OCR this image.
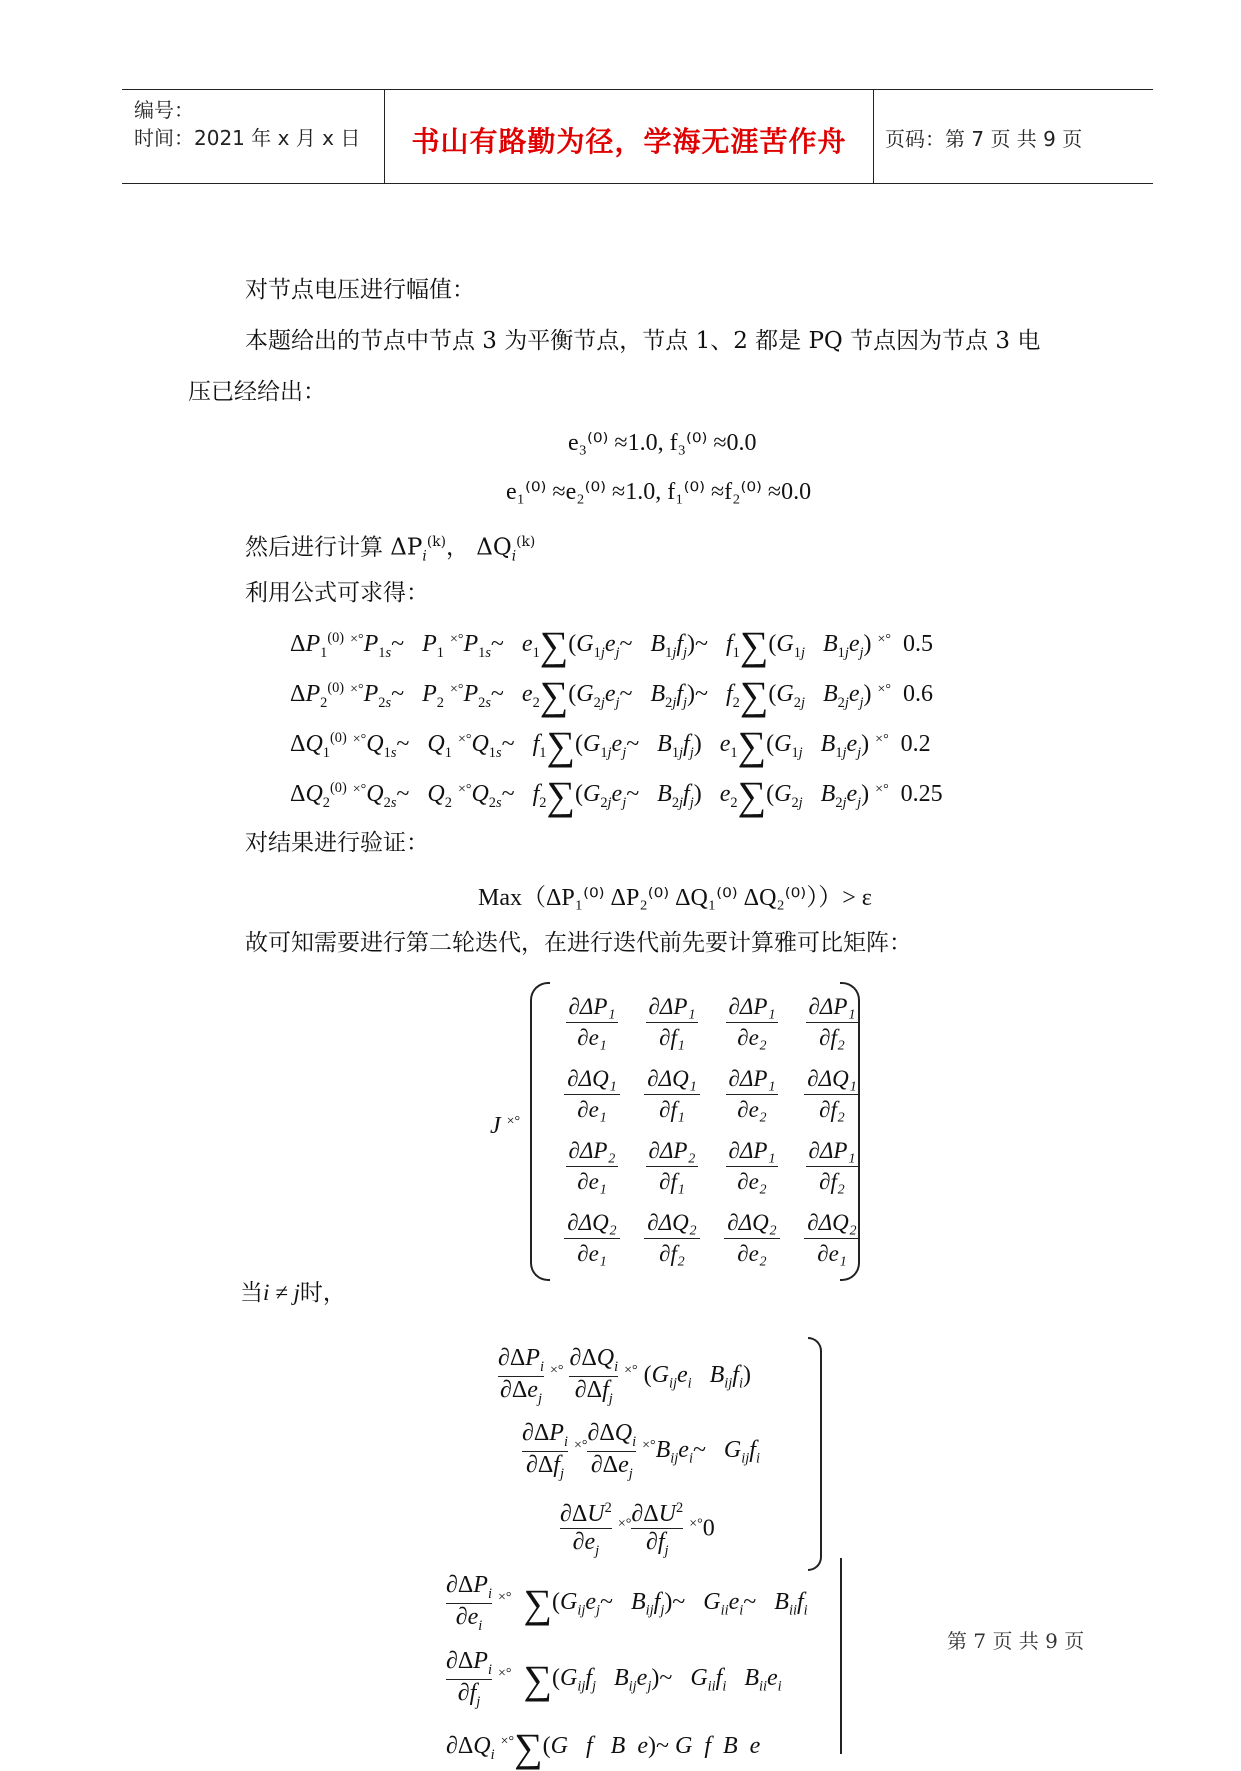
编号：
时间：2021 年 x 月 x 日	书山有路勤为径，学海无涯苦作舟	页码：第 7 页 共 9 页
对节点电压进行幅值：
本题给出的节点中节点 3 为平衡节点，节点 1、2 都是 PQ 节点因为节点 3 电
压已经给出：
e₃⁽⁰⁾ ≈1.0, f₃⁽⁰⁾ ≈0.0
e₁⁽⁰⁾ ≈e₂⁽⁰⁾ ≈1.0, f₁⁽⁰⁾ ≈f₂⁽⁰⁾ ≈0.0
然后进行计算 $\Delta P_i^{(k)}$， $\Delta Q_i^{(k)}$
利用公式可求得：
$\Delta P_1^{(0)}$ $^{\times^\circ}P_{1s}\sim$   $P_1$ $^{\times^\circ}P_{1s}\sim$   $e_1\sum(G_{1j}e_j\sim$   $B_{1j}f_j)\sim$   $f_1\sum(G_{1j}$ $B_{1j}e_j$) ×° 0.5
$\Delta P_2^{(0)}$ $^{\times^\circ}P_{2s}\sim$   $P_2$ $^{\times^\circ}P_{2s}\sim$   $e_2\sum(G_{2j}e_j\sim$   $B_{2j}f_j)\sim$   $f_2\sum(G_{2j}$ $B_{2j}e_j$) ×° 0.6
$\Delta Q_1^{(0)}$ $^{\times^\circ}Q_{1s}\sim$   $Q_1$ $^{\times^\circ}Q_{1s}\sim$   $f_1\sum(G_{1j}e_j\sim$   $B_{1j}f_j$)   $e_1\sum(G_{1j}$ $B_{1j}e_j$) ×° 0.2
$\Delta Q_2^{(0)}$ $^{\times^\circ}Q_{2s}\sim$   $Q_2$ $^{\times^\circ}Q_{2s}\sim$   $f_2\sum(G_{2j}e_j\sim$   $B_{2j}f_j$)   $e_2\sum(G_{2j}$ $B_{2j}e_j$) ×° 0.25
对结果进行验证：
Max（ΔP₁⁽⁰⁾ ΔP₂⁽⁰⁾ ΔQ₁⁽⁰⁾ ΔQ₂⁽⁰⁾））> ε
故可知需要进行第二轮迭代，在进行迭代前先要计算雅可比矩阵：
J ×°
$\frac{\text{∂ΔP₁}}{\text{∂e₁}} \frac{\text{∂ΔP₁}}{\text{∂f₁}} \frac{\text{∂ΔP₁}}{\text{∂e₂}} \frac{\text{∂ΔP₁}}{\text{∂f₂}}$
$\frac{\text{∂ΔQ₁}}{\text{∂e₁}} \frac{\text{∂ΔQ₁}}{\text{∂f₁}} \frac{\text{∂ΔP₁}}{\text{∂e₂}} \frac{\text{∂ΔQ₁}}{\text{∂f₂}}$
$\frac{\text{∂ΔP₂}}{\text{∂e₁}} \frac{\text{∂ΔP₂}}{\text{∂f₁}} \frac{\text{∂ΔP₁}}{\text{∂e₂}} \frac{\text{∂ΔP₁}}{\text{∂f₂}}$
$\frac{\text{∂ΔQ₂}}{\text{∂e₁}} \frac{\text{∂ΔQ₂}}{\text{∂f₂}} \frac{\text{∂ΔQ₂}}{\text{∂e₂}} \frac{\text{∂ΔQ₂}}{\text{∂e₁}}$
当i ≠ j时，
$\partial\Delta P_i$
$\partial\Delta e_j$
×° $\partial\Delta Q_i$
$\partial\Delta f_j$
×° ($G_{ij}e_i$ $B_{ij}f_i$)
$\partial\Delta P_i$
$\partial\Delta f_j$
×° $\partial\Delta Q_i$
$\partial\Delta e_j$
$^{\times^\circ}B_{ij}e_i\sim$   $G_{ij}f_i$
$\frac{\partial\Delta U^2}{\partial e_j} ^{\times^\circ} \frac{\partial\Delta U^2}{\partial f_j} ^{\times^\circ}0$
$\partial\Delta P_i$
$\partial e_i$
×° $\sum(G_{ij}e_j\sim$   $B_{ij}f_j)\sim$   $G_{ii}e_i\sim$   $B_{ii}f_i$
$\partial\Delta P_i$
$\partial f_j$
×° $\sum(G_{ij}f_j$ $B_{ij}e_j)\sim$   $G_{ii}f_i$ $B_{ii}e_i$
$\partial\Delta Q_i$ ×°∑(G f B e)~ G f B e
第 7 页 共 9 页
